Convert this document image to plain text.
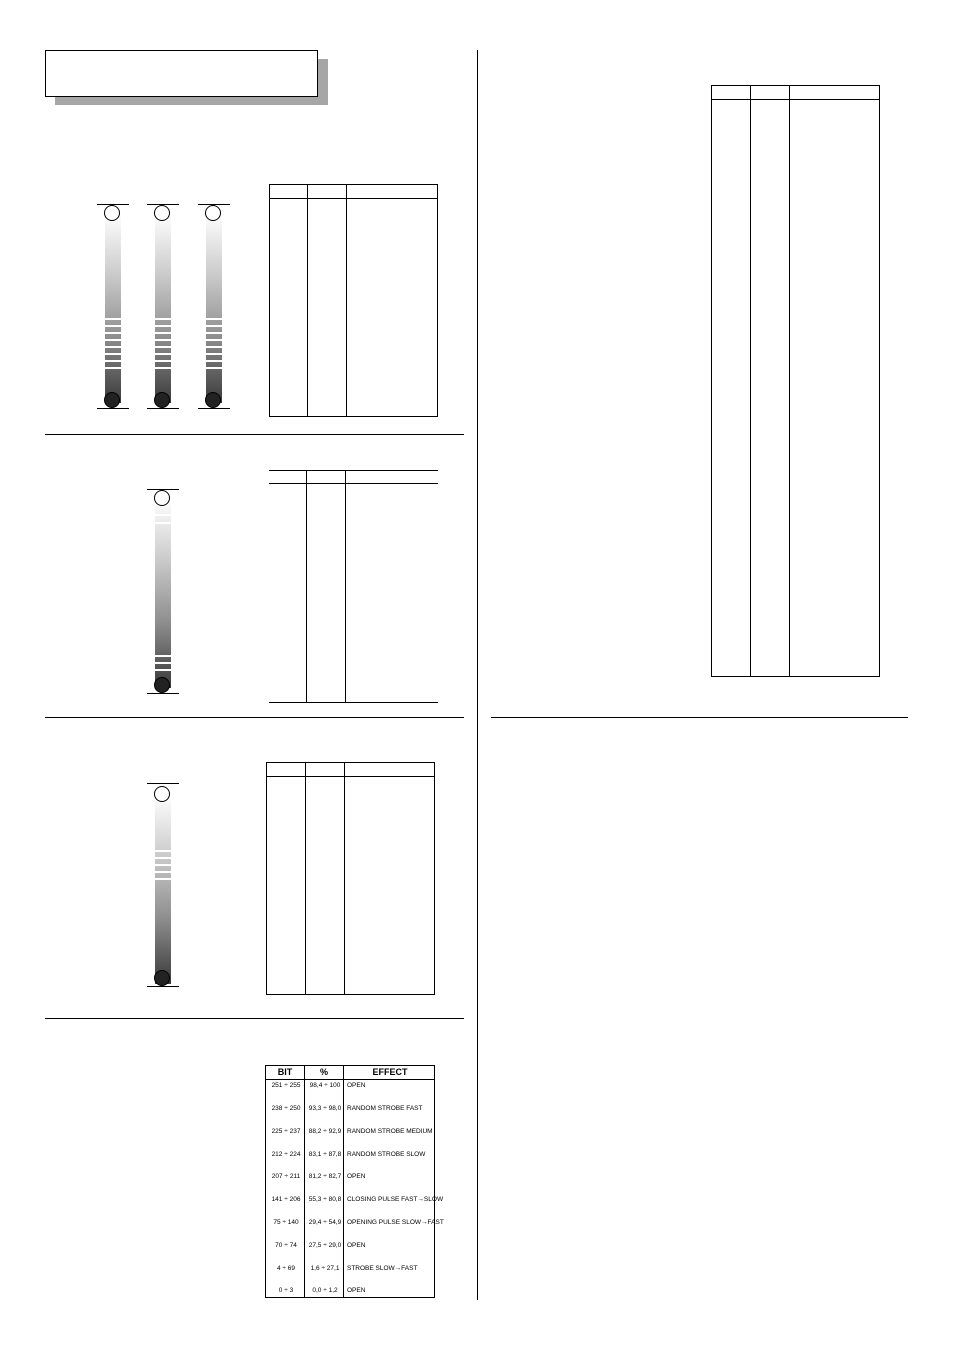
BIT	%	EFFECT
251 ÷ 255	98,4 ÷ 100	OPEN
238 ÷ 250	93,3 ÷ 98,0 RANDOM STROBE FAST
225 ÷ 237	88,2 ÷ 92,9 RANDOM STROBE MEDIUM
212 ÷ 224	83,1 ÷ 87,8 RANDOM STROBE SLOW
207 ÷ 211	81,2 ÷ 82,7 OPEN
141 ÷ 206	55,3 ÷ 80,8 CLOSING PULSE FAST→SLOW
75 ÷ 140	29,4 ÷ 54,9 OPENING PULSE SLOW→FAST
70 ÷ 74	27,5 ÷ 29,0 OPEN
4 ÷ 69	1,6 ÷ 27,1	STROBE SLOW→FAST
0 ÷ 3	0,0 ÷ 1,2	OPEN
